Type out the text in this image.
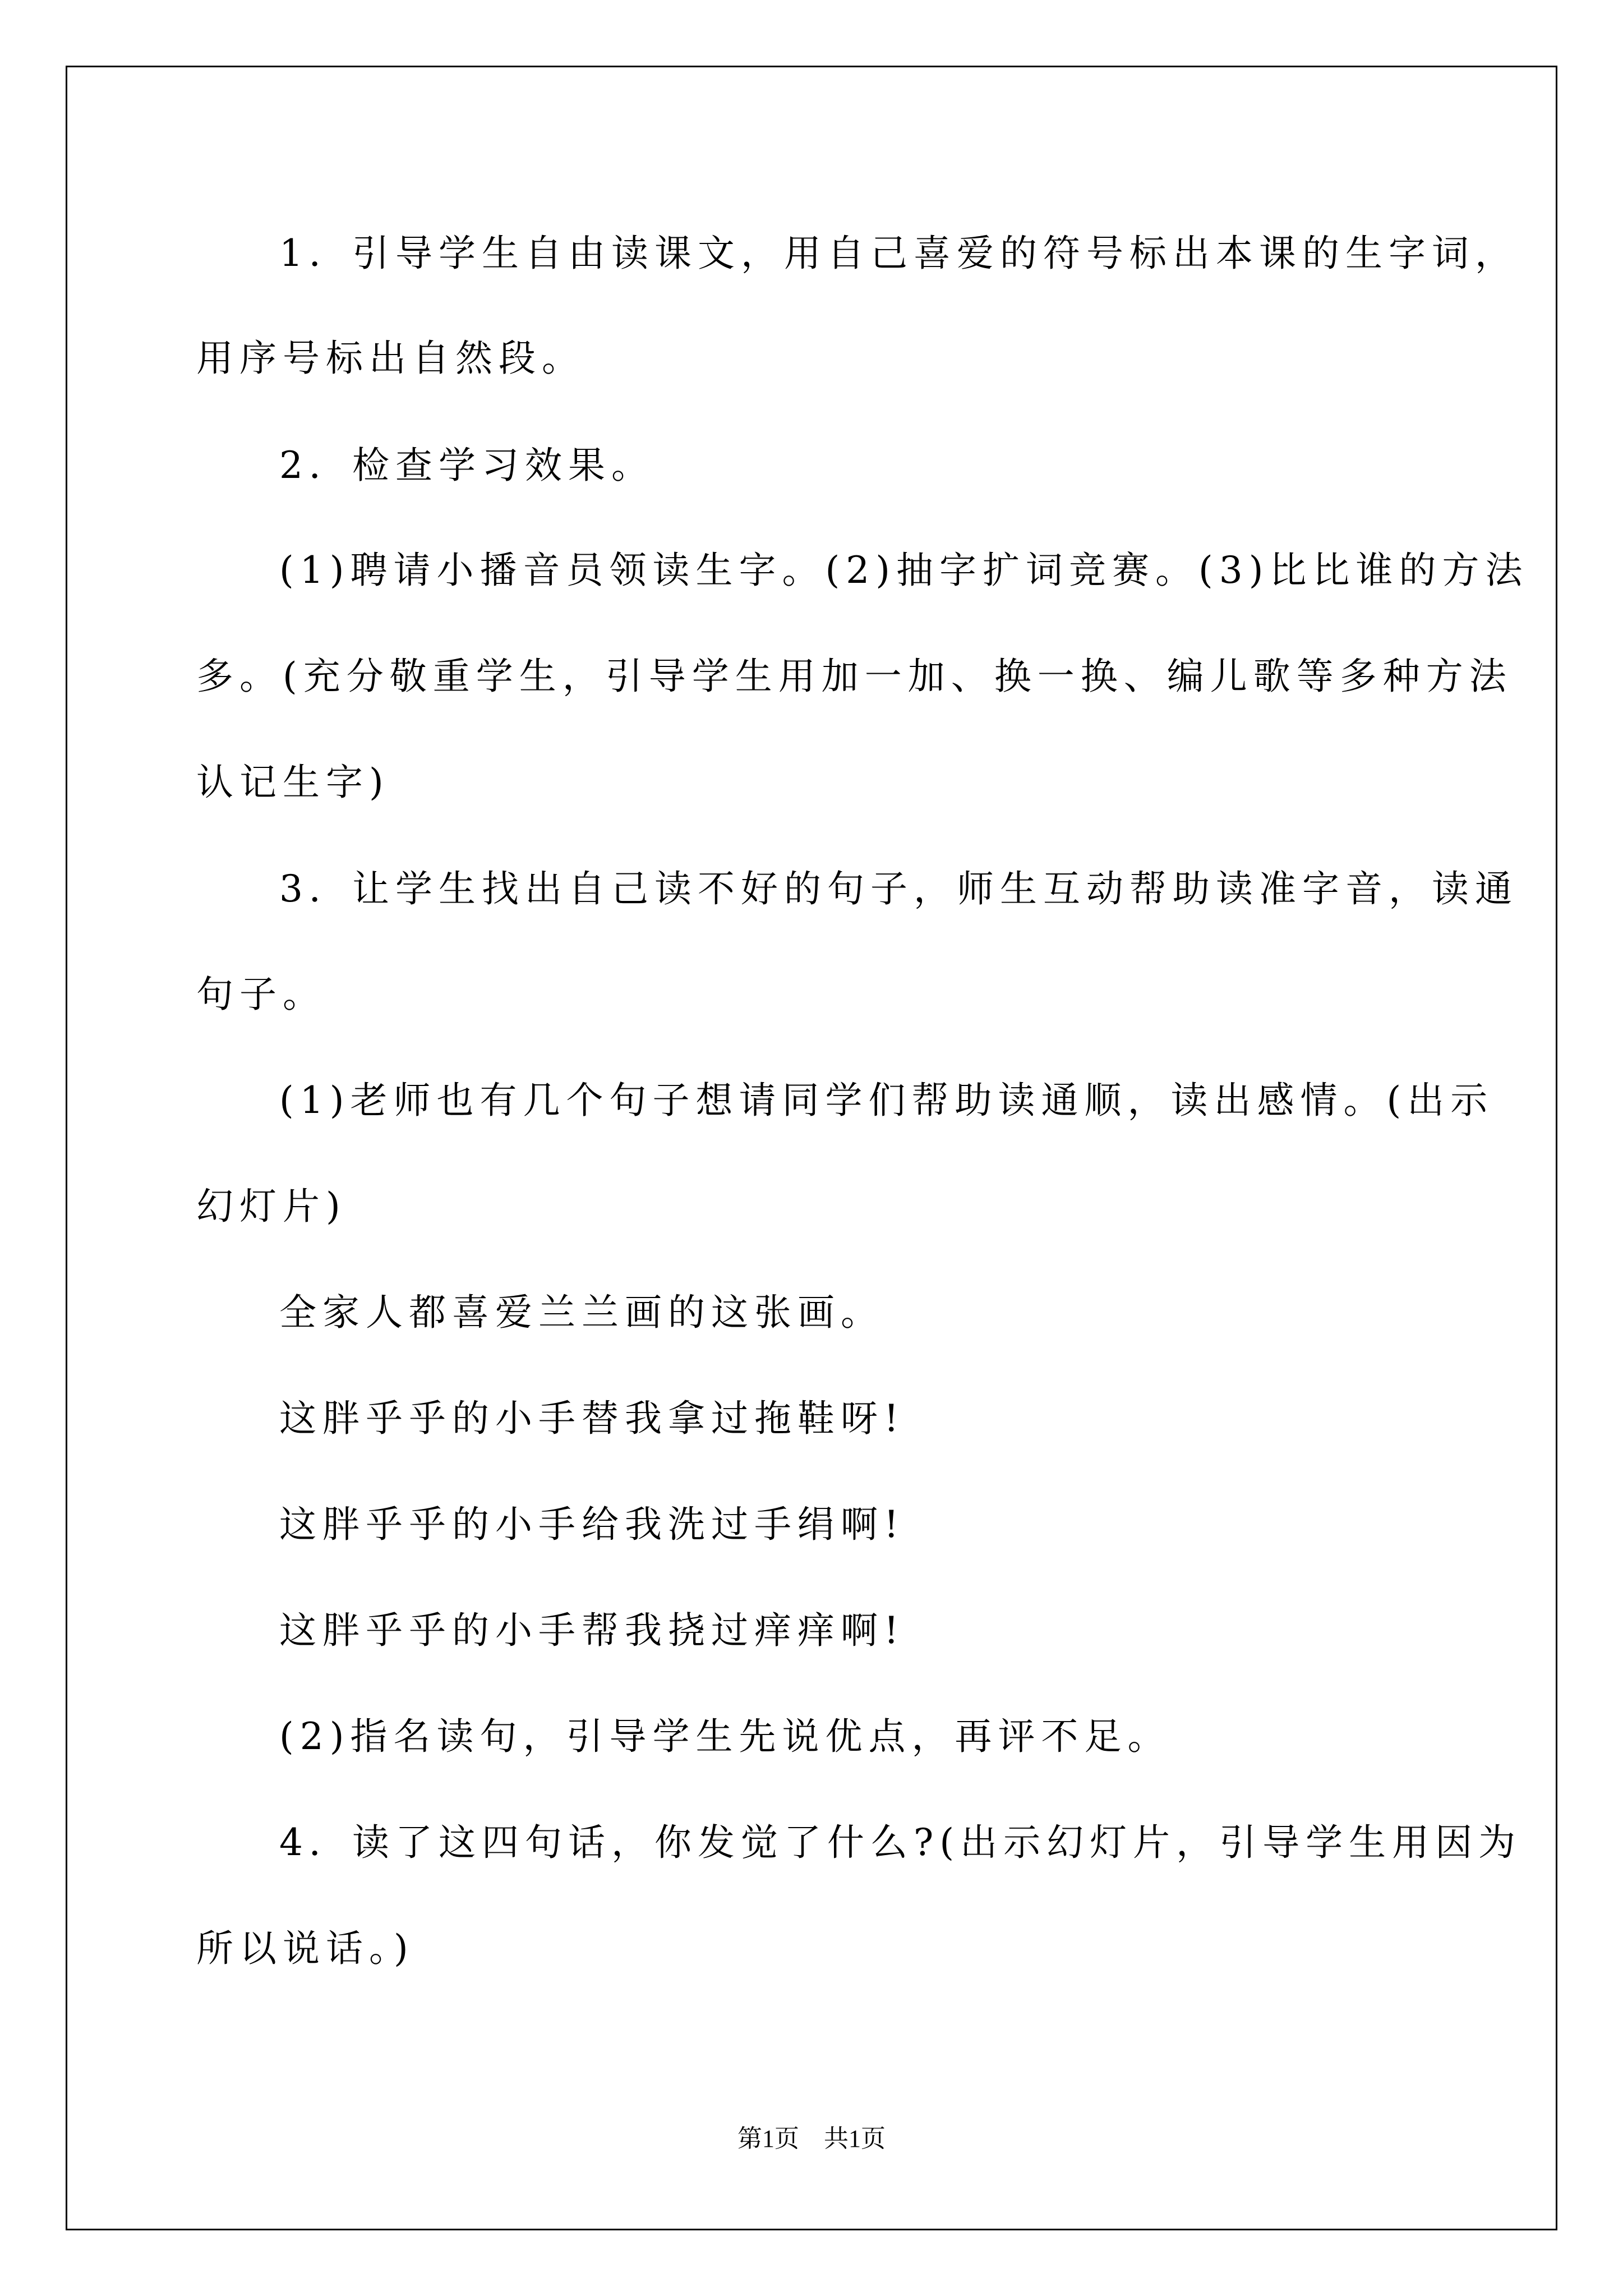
1．引导学生自由读课文，用自己喜爱的符号标出本课的生字词，
用序号标出自然段。
2．检查学习效果。
(1)聘请小播音员领读生字。(2)抽字扩词竞赛。(3)比比谁的方法
多。(充分敬重学生，引导学生用加一加、换一换、编儿歌等多种方法
认记生字)
3．让学生找出自己读不好的句子，师生互动帮助读准字音，读通
句子。
(1)老师也有几个句子想请同学们帮助读通顺，读出感情。(出示
幻灯片)
全家人都喜爱兰兰画的这张画。
这胖乎乎的小手替我拿过拖鞋呀!
这胖乎乎的小手给我洗过手绢啊!
这胖乎乎的小手帮我挠过痒痒啊!
(2)指名读句，引导学生先说优点，再评不足。
4．读了这四句话，你发觉了什么?(出示幻灯片，引导学生用因为
所以说话。)
第1页　共1页
